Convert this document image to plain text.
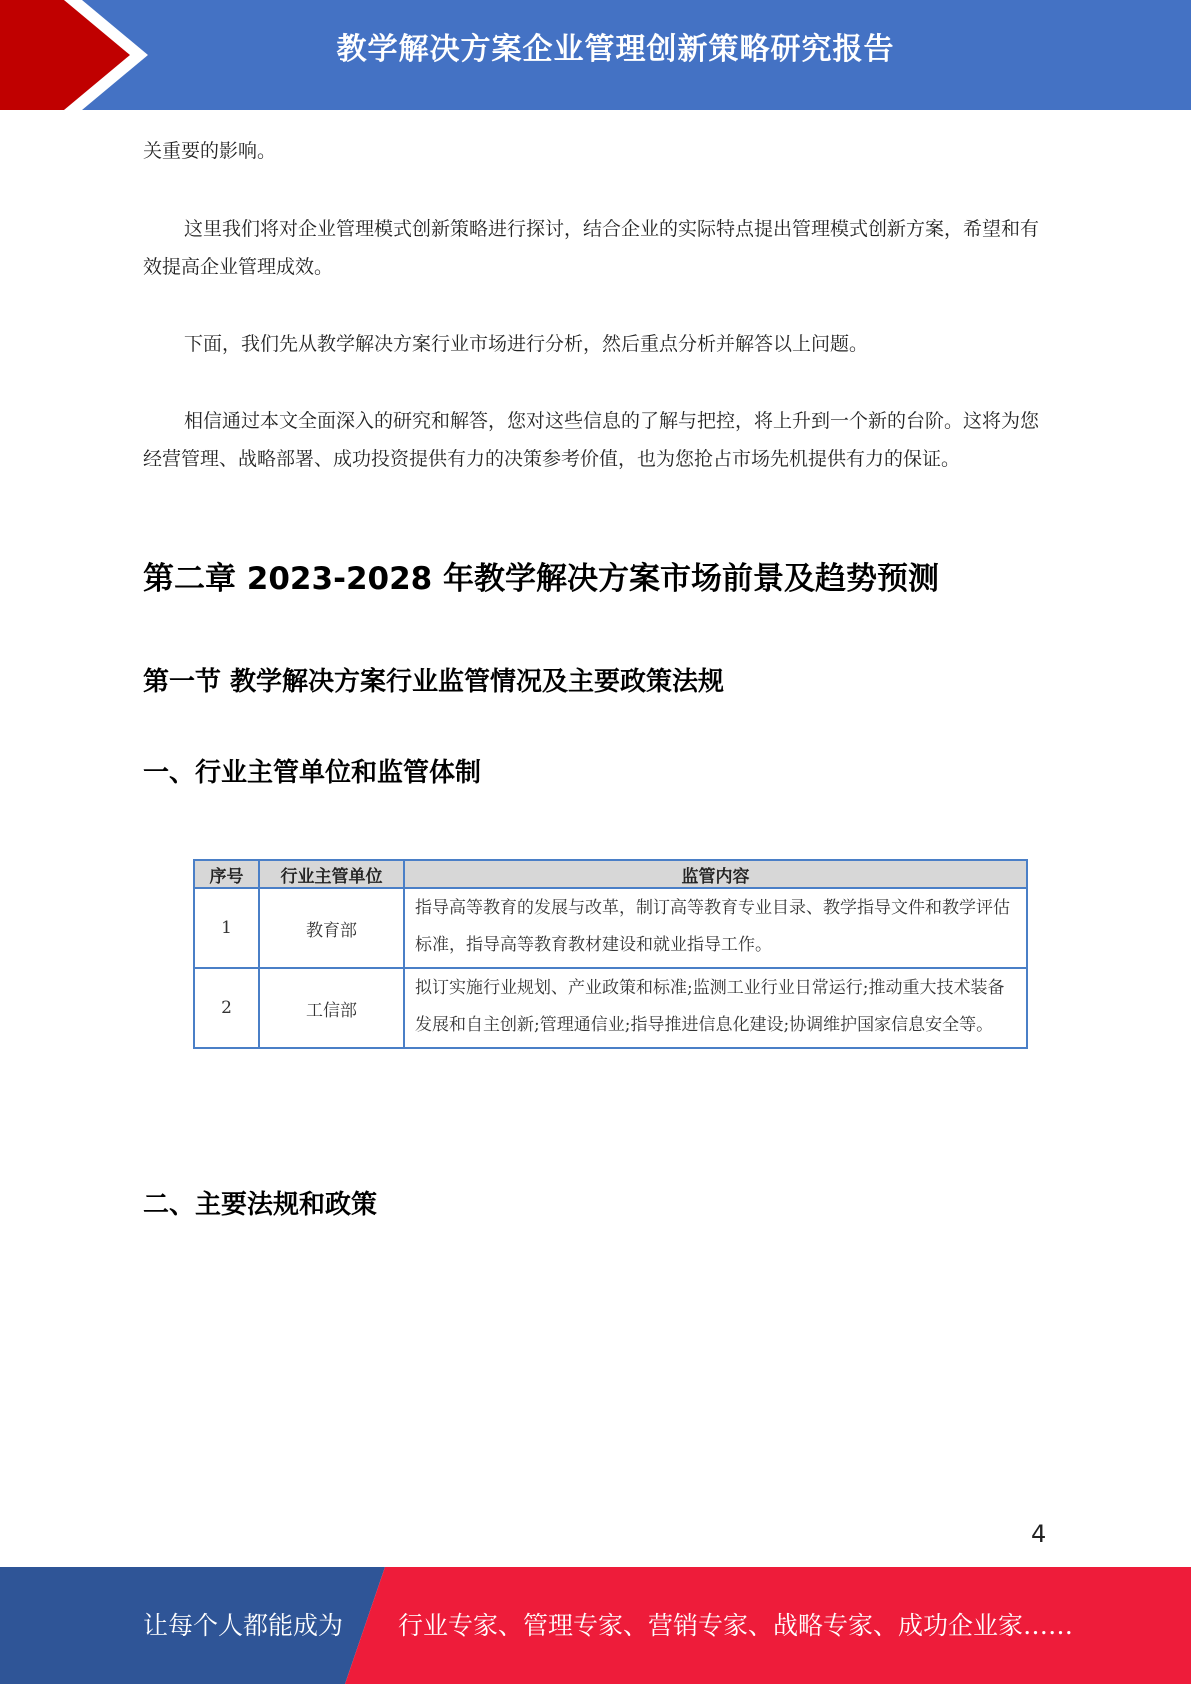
教学解决方案企业管理创新策略研究报告

关重要的影响。

这里我们将对企业管理模式创新策略进行探讨，结合企业的实际特点提出管理模式创新方案，希望和有效提高企业管理成效。

下面，我们先从教学解决方案行业市场进行分析，然后重点分析并解答以上问题。

相信通过本文全面深入的研究和解答，您对这些信息的了解与把控，将上升到一个新的台阶。这将为您经营管理、战略部署、成功投资提供有力的决策参考价值，也为您抢占市场先机提供有力的保证。

第二章 2023-2028 年教学解决方案市场前景及趋势预测
第一节 教学解决方案行业监管情况及主要政策法规
一、行业主管单位和监管体制
序号	行业主管单位	监管内容
1	教育部	指导高等教育的发展与改革，制订高等教育专业目录、教学指导文件和教学评估标准，指导高等教育教材建设和就业指导工作。
2	工信部	拟订实施行业规划、产业政策和标准;监测工业行业日常运行;推动重大技术装备发展和自主创新;管理通信业;指导推进信息化建设;协调维护国家信息安全等。
二、主要法规和政策
4
让每个人都能成为 行业专家、管理专家、营销专家、战略专家、成功企业家……
